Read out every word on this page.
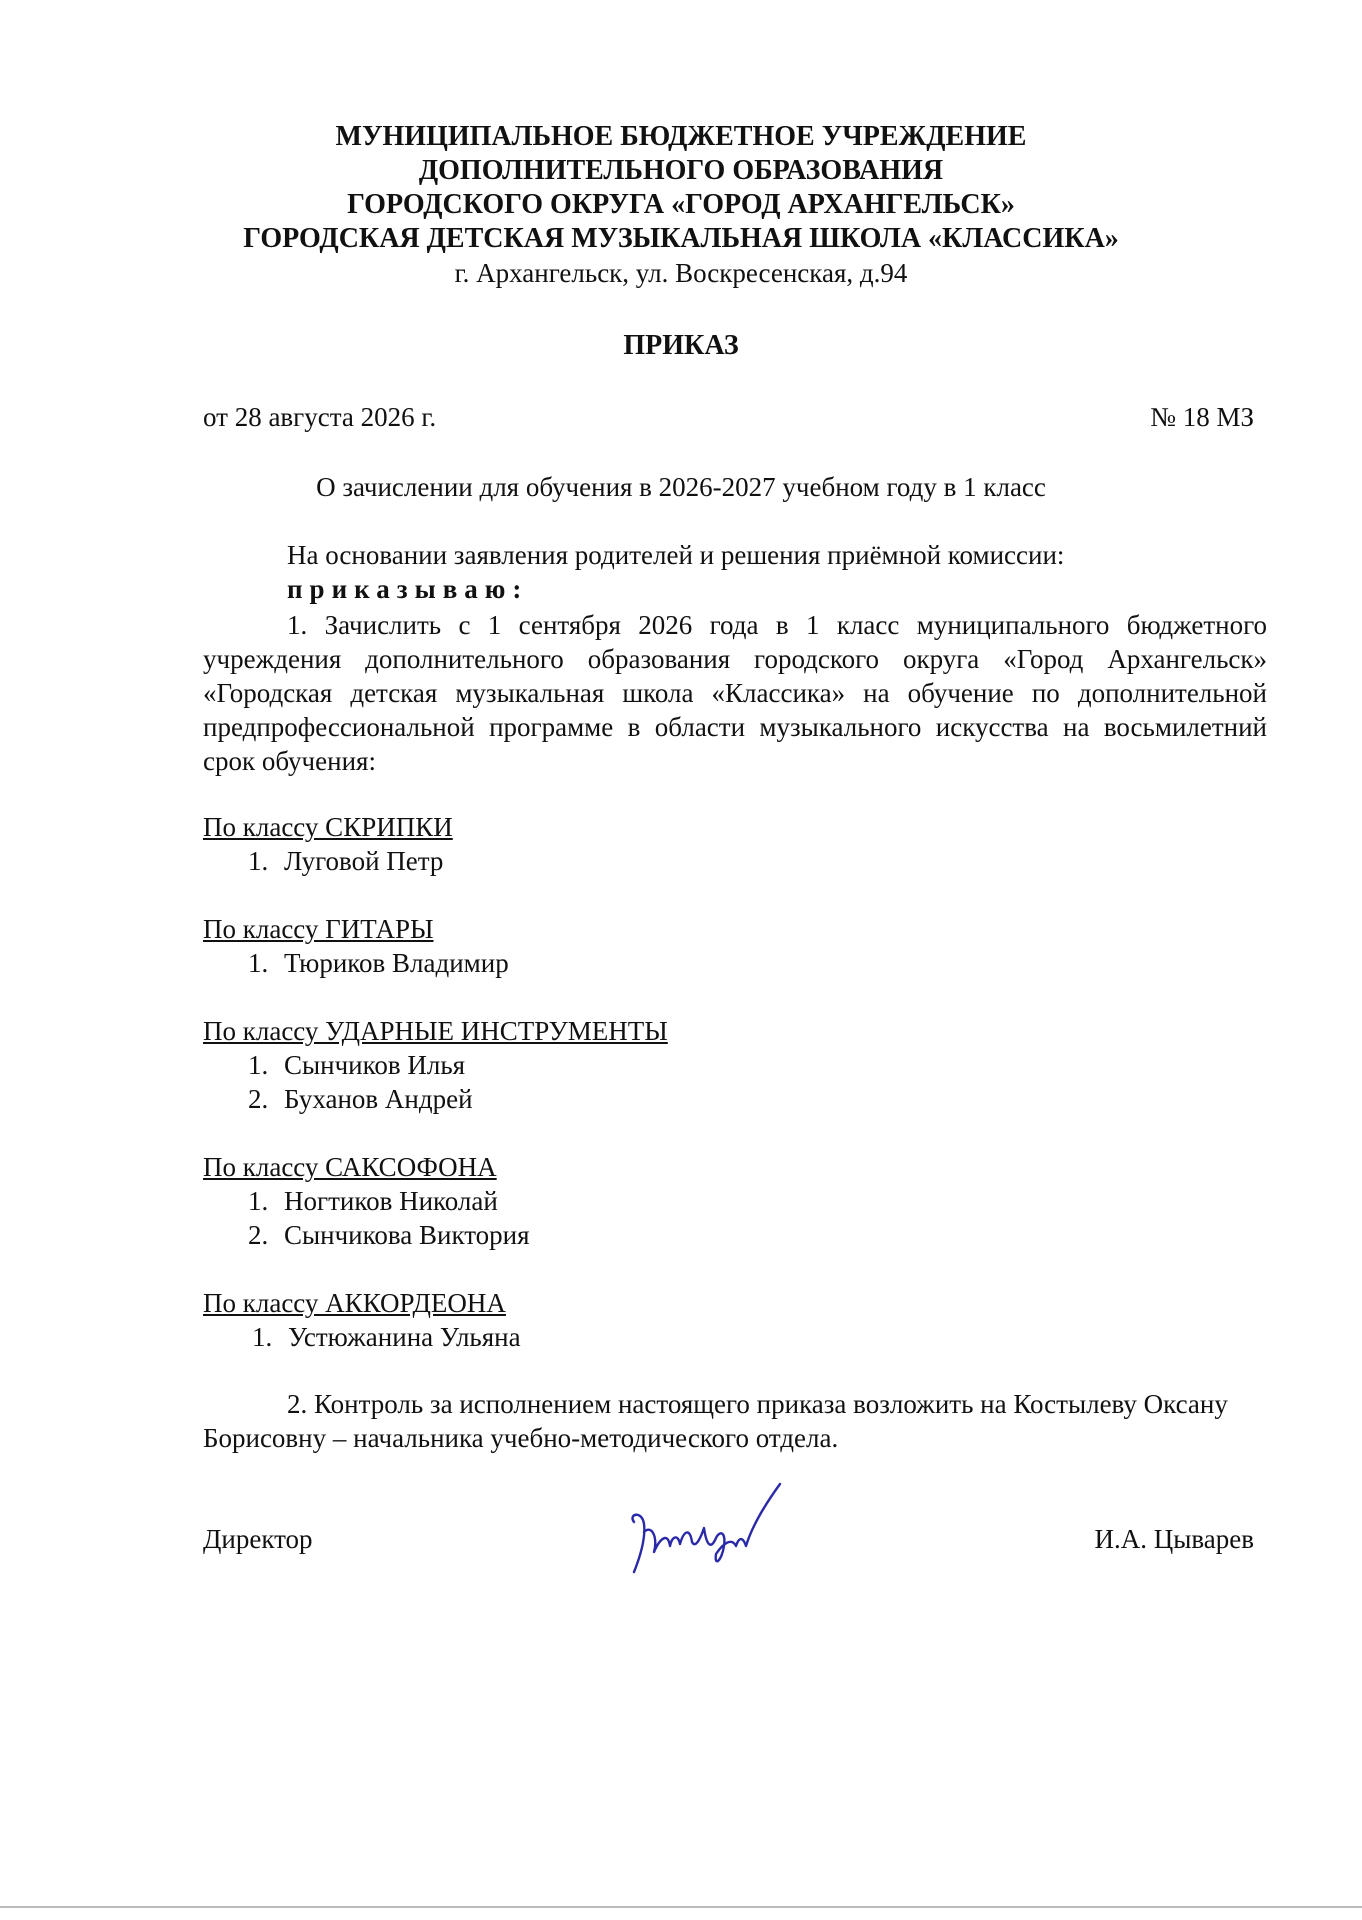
МУНИЦИПАЛЬНОЕ БЮДЖЕТНОЕ УЧРЕЖДЕНИЕ

ДОПОЛНИТЕЛЬНОГО ОБРАЗОВАНИЯ

ГОРОДСКОГО ОКРУГА «ГОРОД АРХАНГЕЛЬСК»

ГОРОДСКАЯ ДЕТСКАЯ МУЗЫКАЛЬНАЯ ШКОЛА «КЛАССИКА»

г. Архангельск, ул. Воскресенская, д.94

ПРИКАЗ
от 28 августа 2026 г.	№ 18 МЗ
О зачислении для обучения в 2026-2027 учебном году в 1 класс
На основании заявления родителей и решения приёмной комиссии:
приказываю:

1. Зачислить с 1 сентября 2026 года в 1 класс муниципального бюджетного учреждения дополнительного образования городского округа «Город Архангельск» «Городская детская музыкальная школа «Классика» на обучение по дополнительной предпрофессиональной программе в области музыкального искусства на восьмилетний срок обучения:

По классу СКРИПКИ
1. Луговой Петр
По классу ГИТАРЫ
1. Тюриков Владимир
По классу УДАРНЫЕ ИНСТРУМЕНТЫ
1. Сынчиков Илья
2. Буханов Андрей
По классу САКСОФОНА
1. Ногтиков Николай
2. Сынчикова Виктория
По классу АККОРДЕОНА
1. Устюжанина Ульяна

2. Контроль за исполнением настоящего приказа возложить на Костылеву Оксану Борисовну – начальника учебно-методического отдела.

Директор	И.А. Цыварев
